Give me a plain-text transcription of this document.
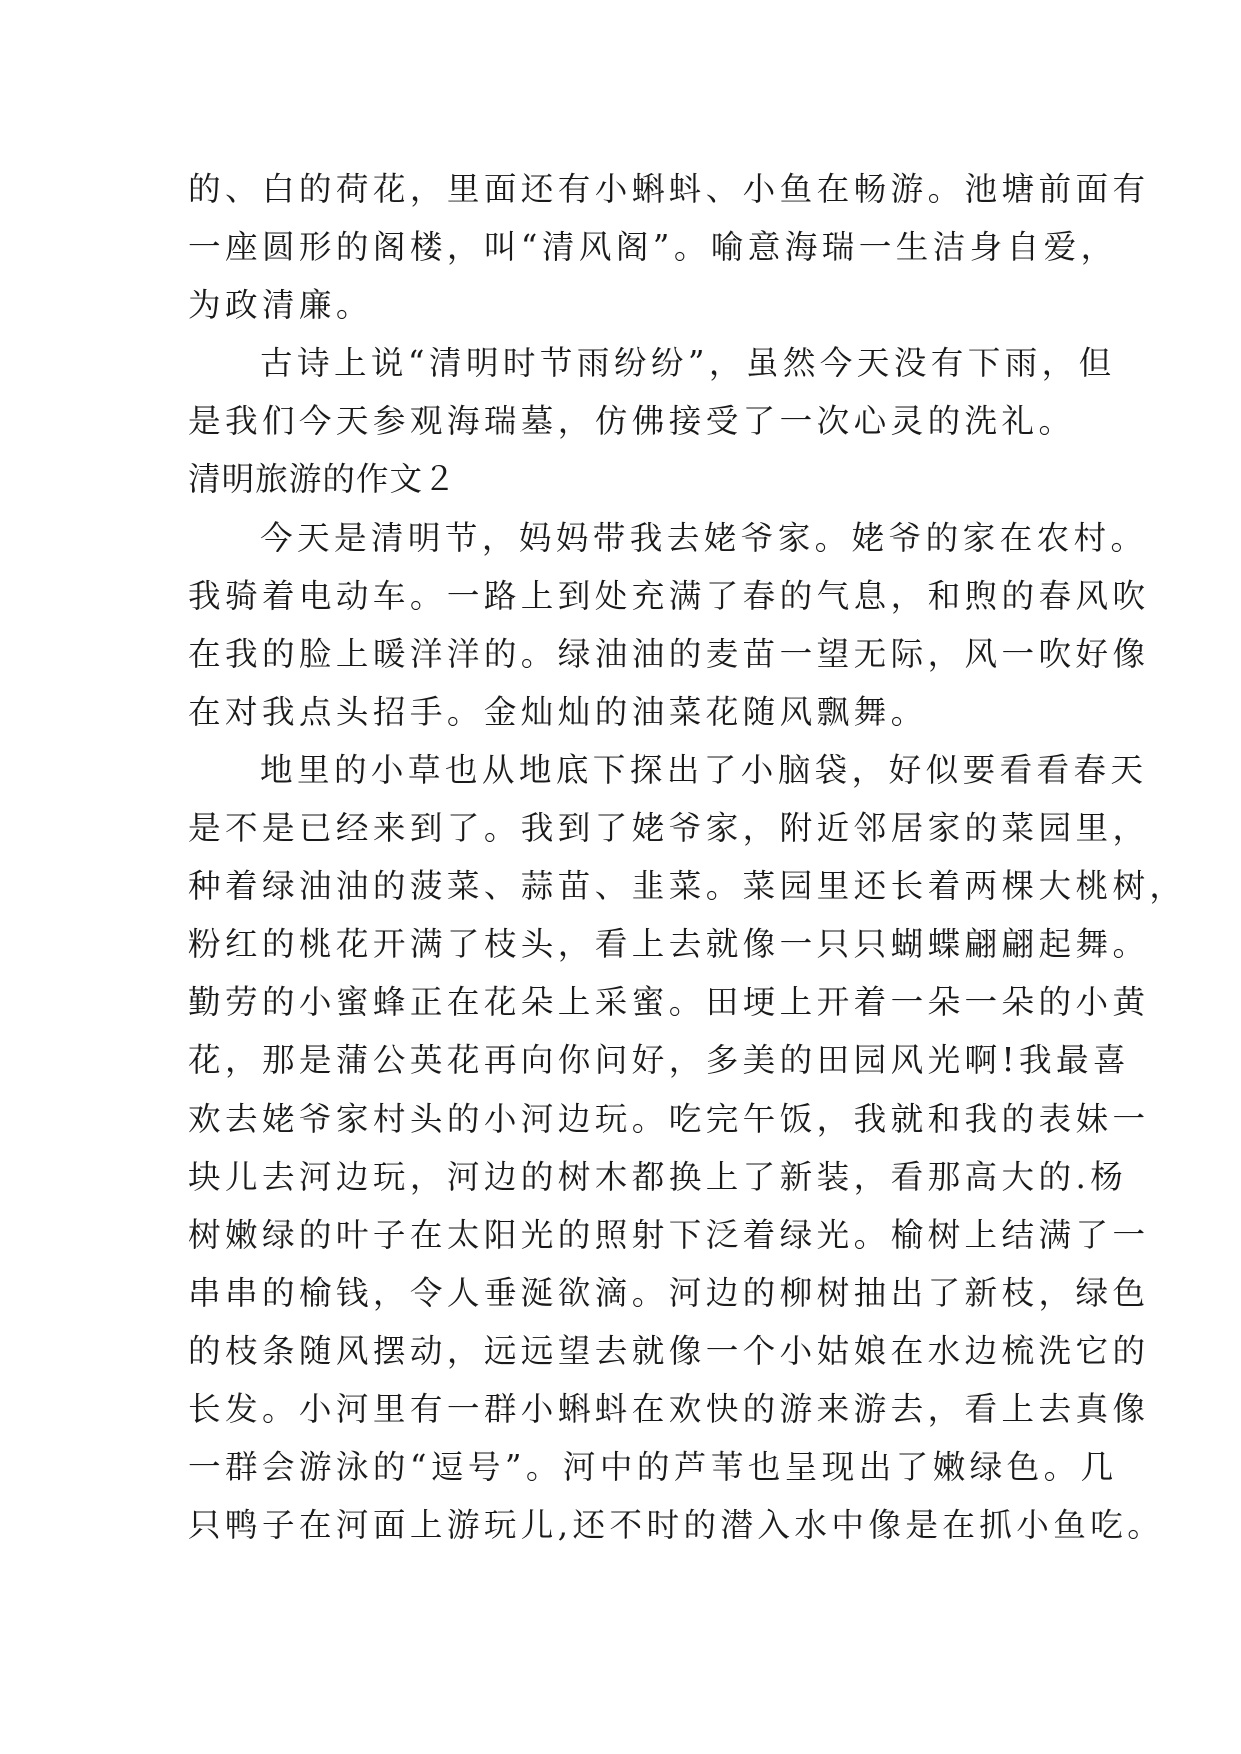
的、白的荷花，里面还有小蝌蚪、小鱼在畅游。池塘前面有
一座圆形的阁楼，叫“清风阁”。喻意海瑞一生洁身自爱，
为政清廉。
古诗上说“清明时节雨纷纷”，虽然今天没有下雨，但
是我们今天参观海瑞墓，仿佛接受了一次心灵的洗礼。
清明旅游的作文２
今天是清明节，妈妈带我去姥爷家。姥爷的家在农村。
我骑着电动车。一路上到处充满了春的气息，和煦的春风吹
在我的脸上暖洋洋的。绿油油的麦苗一望无际，风一吹好像
在对我点头招手。金灿灿的油菜花随风飘舞。
地里的小草也从地底下探出了小脑袋，好似要看看春天
是不是已经来到了。我到了姥爷家，附近邻居家的菜园里，
种着绿油油的菠菜、蒜苗、韭菜。菜园里还长着两棵大桃树，
粉红的桃花开满了枝头，看上去就像一只只蝴蝶翩翩起舞。
勤劳的小蜜蜂正在花朵上采蜜。田埂上开着一朵一朵的小黄
花，那是蒲公英花再向你问好，多美的田园风光啊!我最喜
欢去姥爷家村头的小河边玩。吃完午饭，我就和我的表妹一
块儿去河边玩，河边的树木都换上了新装，看那高大的.杨
树嫩绿的叶子在太阳光的照射下泛着绿光。榆树上结满了一
串串的榆钱，令人垂涎欲滴。河边的柳树抽出了新枝，绿色
的枝条随风摆动，远远望去就像一个小姑娘在水边梳洗它的
长发。小河里有一群小蝌蚪在欢快的游来游去，看上去真像
一群会游泳的“逗号”。河中的芦苇也呈现出了嫩绿色。几
只鸭子在河面上游玩儿,还不时的潜入水中像是在抓小鱼吃。
